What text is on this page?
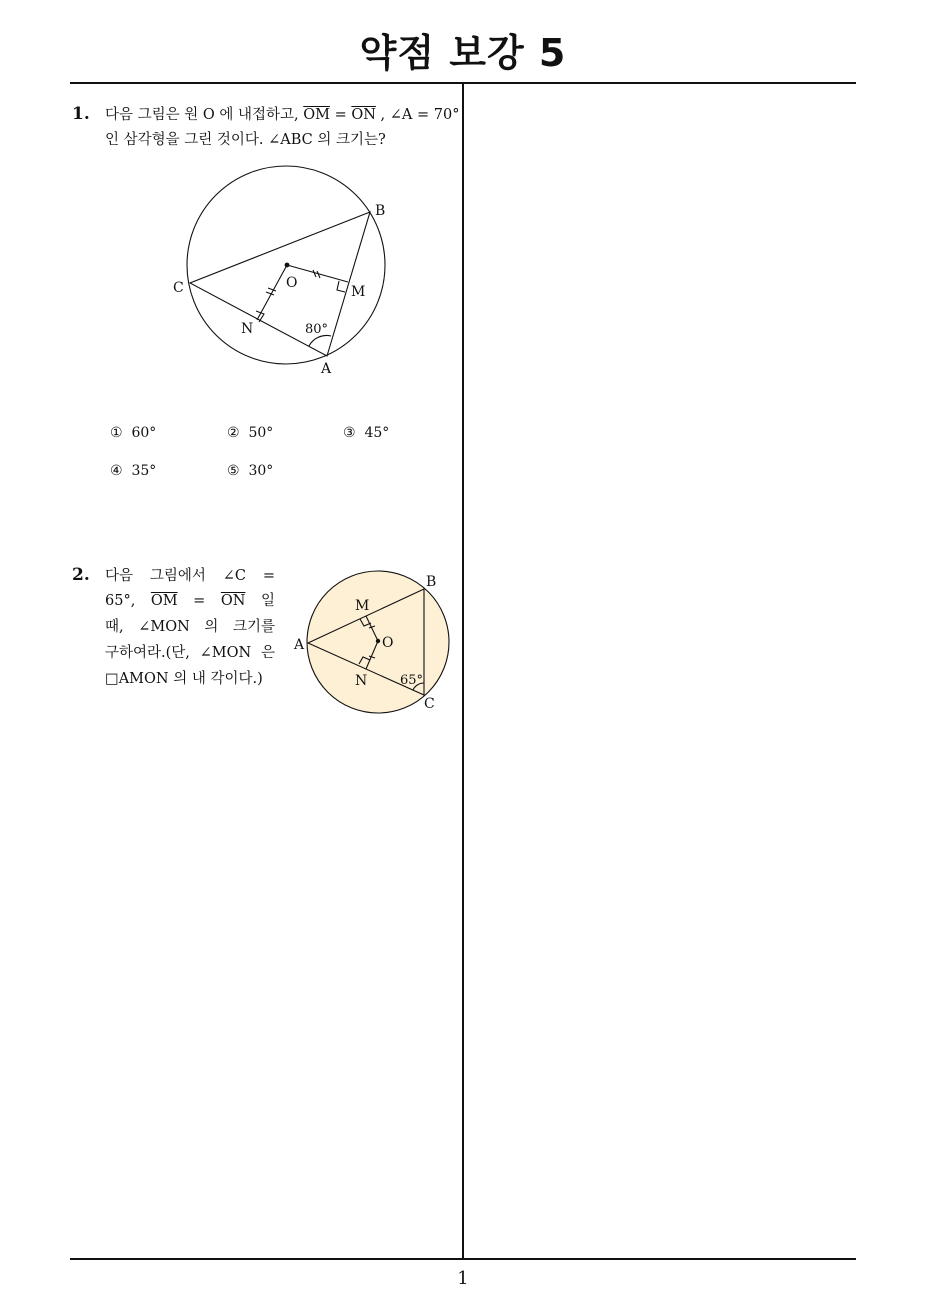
약점 보강 5
1. 다음 그림은 원 O 에 내접하고, $\overline{OM} = \overline{ON}$ , ∠A = 70°
인 삼각형을 그린 것이다. ∠ABC 의 크기는?
B
C	O
M
N
A
80°
① 60°	② 50°	③ 45°
④ 35°	⑤ 30°
2. 다음 그림에서 ∠C =
65°, $\overline{OM} = \overline{ON}$ 일
때, ∠MON 의 크기를
구하여라.(단, ∠MON 은
□AMON 의 내 각이다.)
B
M
A	O
N
C
65°
1
